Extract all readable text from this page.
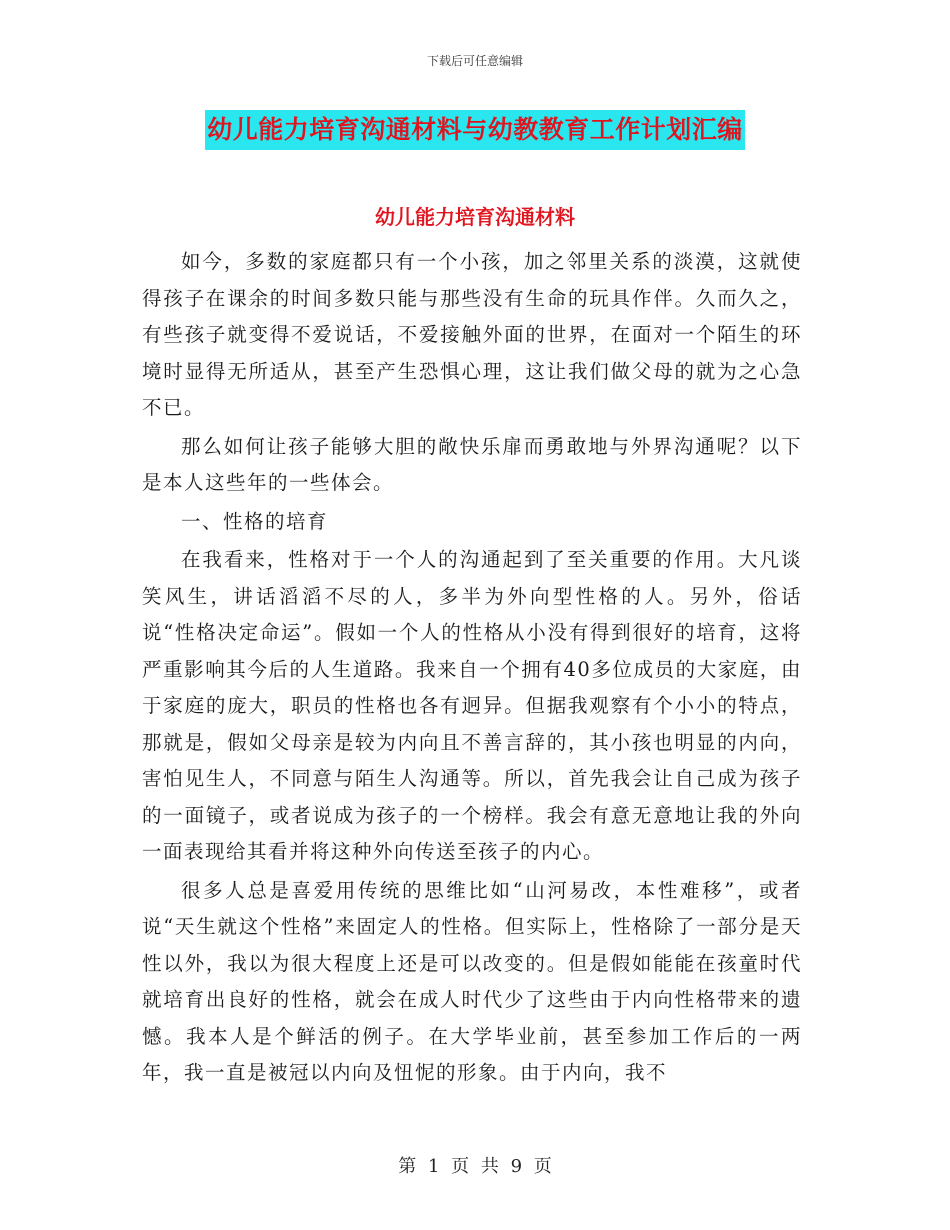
下载后可任意编辑
幼儿能力培育沟通材料与幼教教育工作计划汇编
幼儿能力培育沟通材料

如今，多数的家庭都只有一个小孩，加之邻里关系的淡漠，这就使得孩子在课余的时间多数只能与那些没有生命的玩具作伴。久而久之，有些孩子就变得不爱说话，不爱接触外面的世界，在面对一个陌生的环境时显得无所适从，甚至产生恐惧心理，这让我们做父母的就为之心急不已。

那么如何让孩子能够大胆的敞快乐扉而勇敢地与外界沟通呢？以下是本人这些年的一些体会。

一、性格的培育

在我看来，性格对于一个人的沟通起到了至关重要的作用。大凡谈笑风生，讲话滔滔不尽的人，多半为外向型性格的人。另外，俗话说“性格决定命运”。假如一个人的性格从小没有得到很好的培育，这将严重影响其今后的人生道路。我来自一个拥有40多位成员的大家庭，由于家庭的庞大，职员的性格也各有迥异。但据我观察有个小小的特点，那就是，假如父母亲是较为内向且不善言辞的，其小孩也明显的内向，害怕见生人，不同意与陌生人沟通等。所以，首先我会让自己成为孩子的一面镜子，或者说成为孩子的一个榜样。我会有意无意地让我的外向一面表现给其看并将这种外向传送至孩子的内心。

很多人总是喜爱用传统的思维比如“山河易改，本性难移”，或者说“天生就这个性格”来固定人的性格。但实际上，性格除了一部分是天性以外，我以为很大程度上还是可以改变的。但是假如能能在孩童时代就培育出良好的性格，就会在成人时代少了这些由于内向性格带来的遗憾。我本人是个鲜活的例子。在大学毕业前，甚至参加工作后的一两年，我一直是被冠以内向及忸怩的形象。由于内向，我不

第 1 页 共 9 页
